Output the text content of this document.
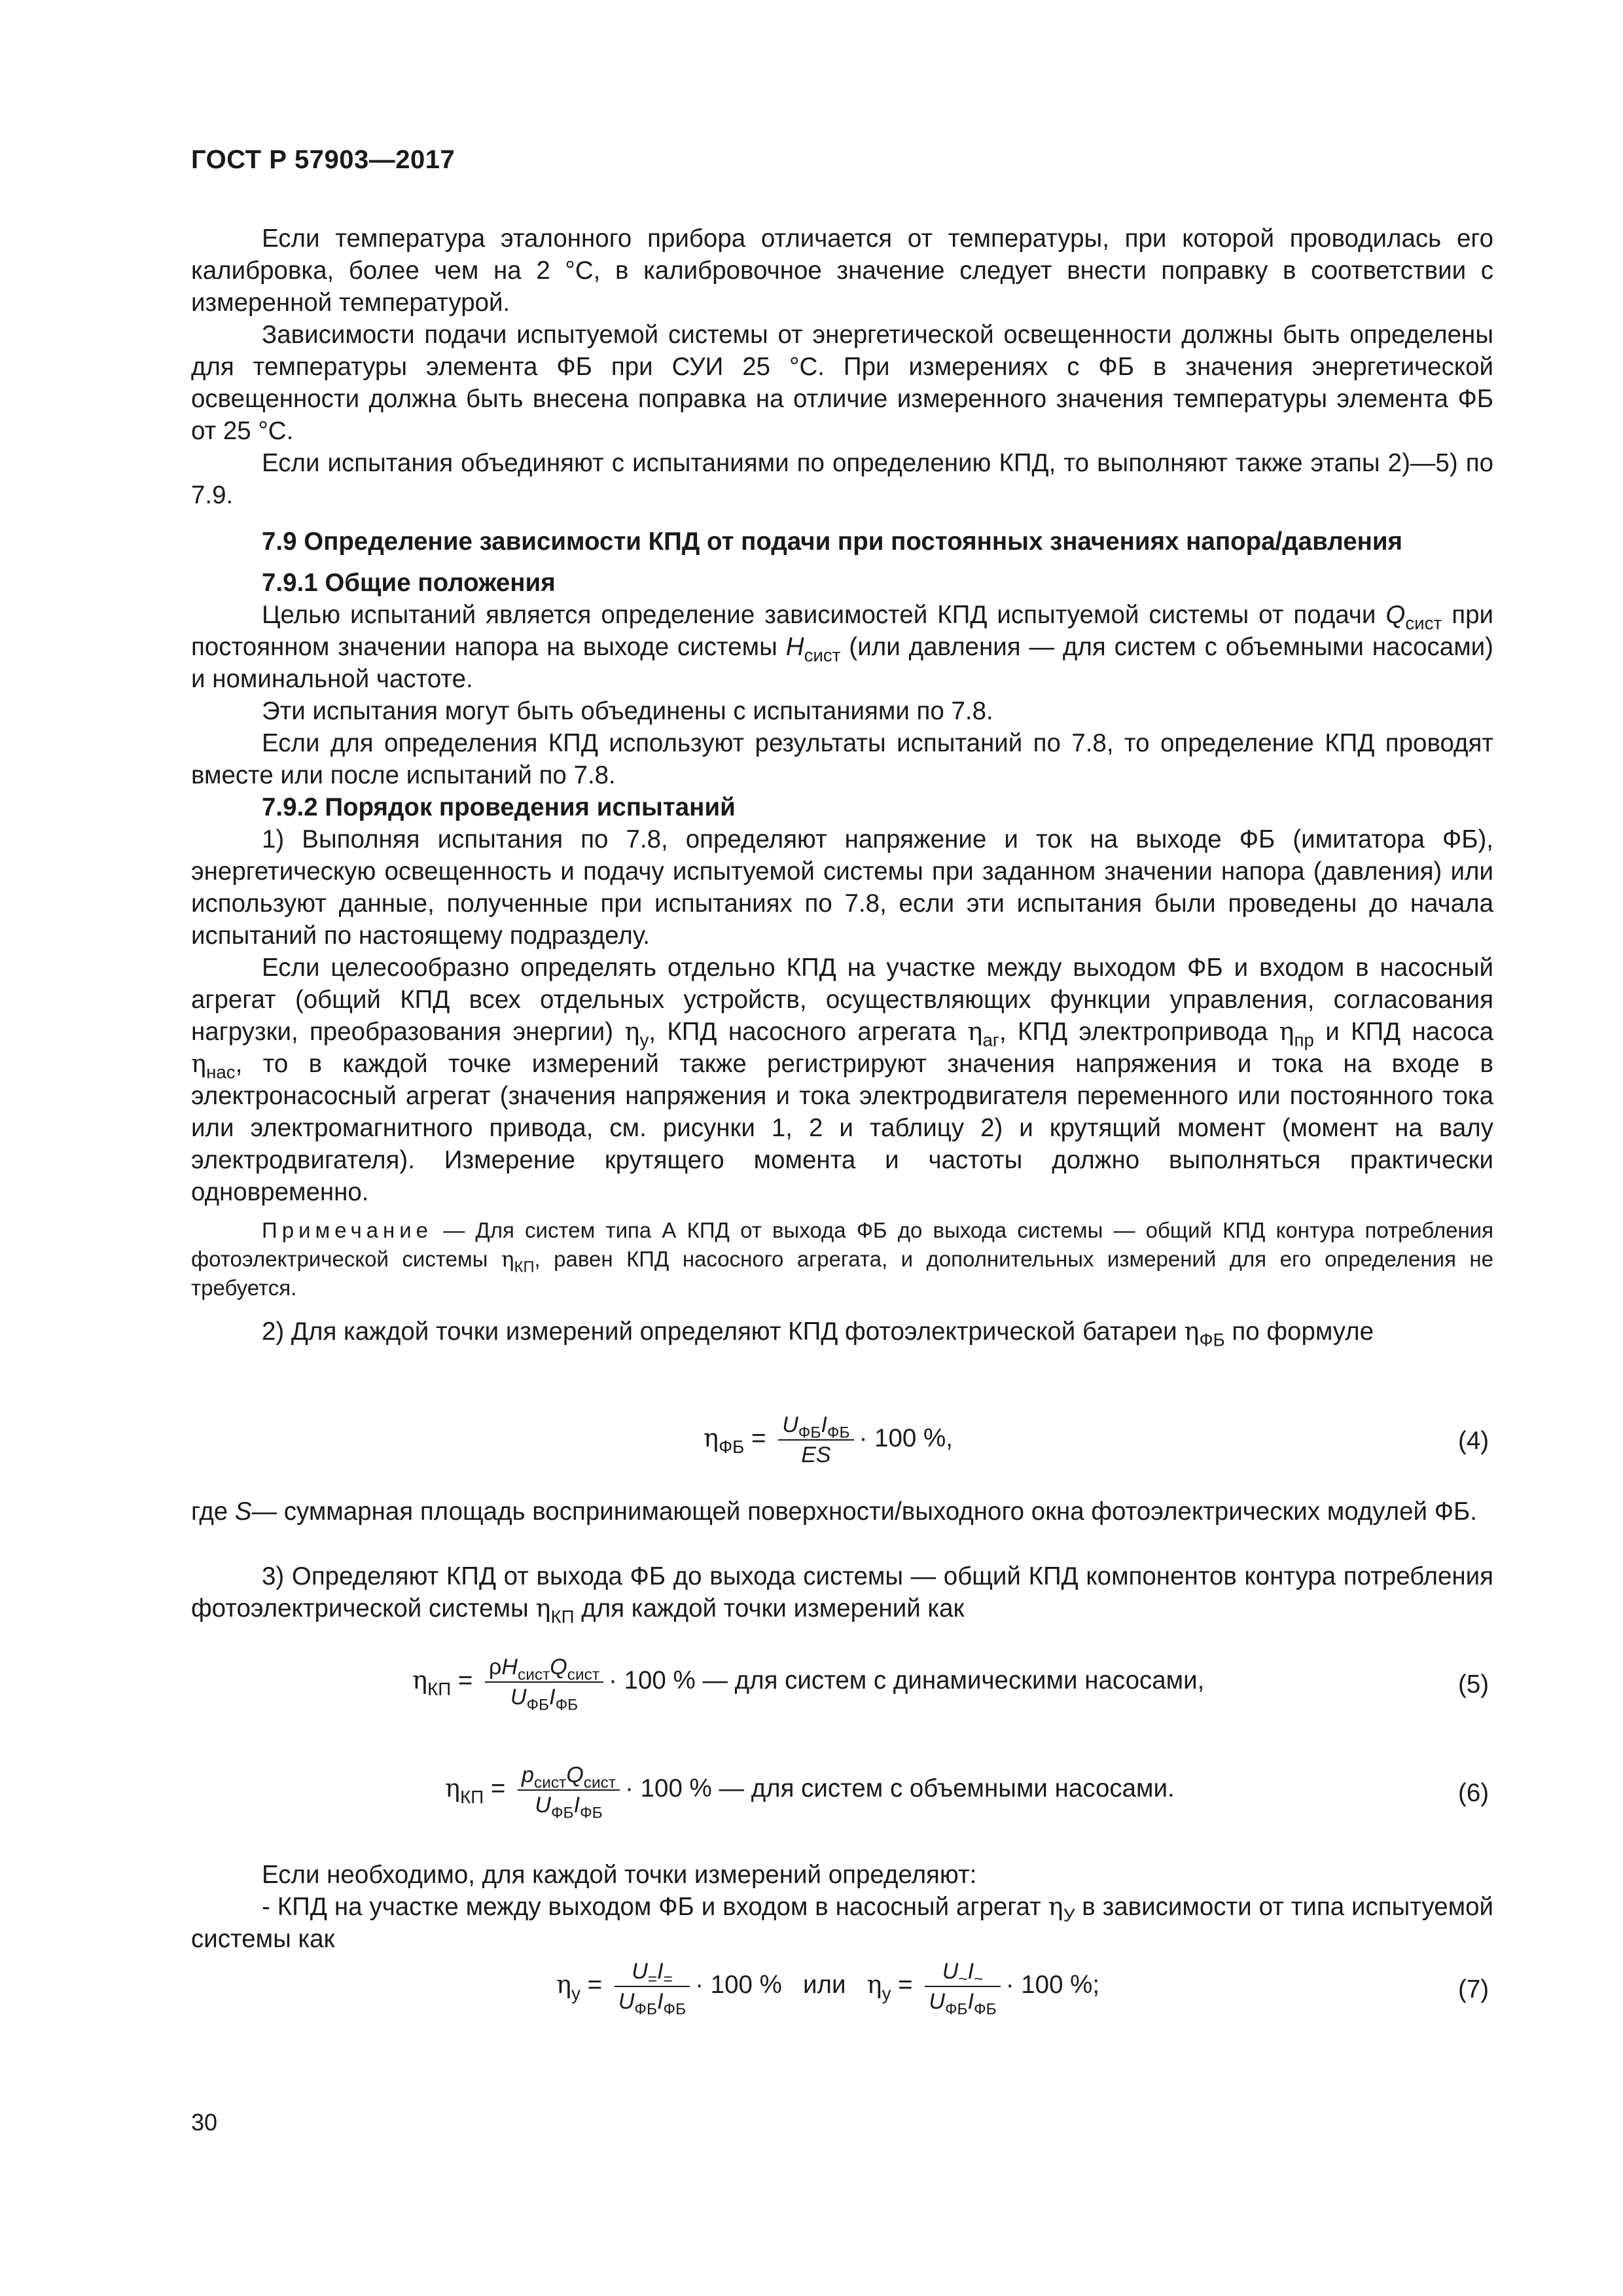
ГОСТ Р 57903—2017

Если температура эталонного прибора отличается от температуры, при которой проводилась его калибровка, более чем на 2 °С, в калибровочное значение следует внести поправку в соответствии с измеренной температурой.

Зависимости подачи испытуемой системы от энергетической освещенности должны быть определены для температуры элемента ФБ при СУИ 25 °С. При измерениях с ФБ в значения энергетической освещенности должна быть внесена поправка на отличие измеренного значения температуры элемента ФБ от 25 °С.

Если испытания объединяют с испытаниями по определению КПД, то выполняют также этапы 2)—5) по 7.9.

7.9 Определение зависимости КПД от подачи при постоянных значениях напора/давления

7.9.1 Общие положения

Целью испытаний является определение зависимостей КПД испытуемой системы от подачи $Q_{сист}$ при постоянном значении напора на выходе системы $H_{сист}$ (или давления — для систем с объемными насосами) и номинальной частоте.

Эти испытания могут быть объединены с испытаниями по 7.8.

Если для определения КПД используют результаты испытаний по 7.8, то определение КПД проводят вместе или после испытаний по 7.8.

7.9.2 Порядок проведения испытаний

1) Выполняя испытания по 7.8, определяют напряжение и ток на выходе ФБ (имитатора ФБ), энергетическую освещенность и подачу испытуемой системы при заданном значении напора (давления) или используют данные, полученные при испытаниях по 7.8, если эти испытания были проведены до начала испытаний по настоящему подразделу.

Если целесообразно определять отдельно КПД на участке между выходом ФБ и входом в насосный агрегат (общий КПД всех отдельных устройств, осуществляющих функции управления, согласования нагрузки, преобразования энергии) $\eta_у$, КПД насосного агрегата $\eta_{аг}$, КПД электропривода $\eta_{пр}$ и КПД насоса $\eta_{нас}$, то в каждой точке измерений также регистрируют значения напряжения и тока на входе в электронасосный агрегат (значения напряжения и тока электродвигателя переменного или постоянного тока или электромагнитного привода, см. рисунки 1, 2 и таблицу 2) и крутящий момент (момент на валу электродвигателя). Измерение крутящего момента и частоты должно выполняться практически одновременно.

Примечание — Для систем типа А КПД от выхода ФБ до выхода системы — общий КПД контура потребления фотоэлектрической системы $\eta_{КП}$, равен КПД насосного агрегата, и дополнительных измерений для его определения не требуется.

2) Для каждой точки измерений определяют КПД фотоэлектрической батареи $\eta_{ФБ}$ по формуле

$\eta_{ФБ} = \frac{U_{ФБ}I_{ФБ}}{ES} \cdot 100$ %,	(4)
где S — суммарная площадь воспринимающей поверхности/выходного окна фотоэлектрических модулей ФБ.

3) Определяют КПД от выхода ФБ до выхода системы — общий КПД компонентов контура потребления фотоэлектрической системы $\eta_{КП}$ для каждой точки измерений как

$\eta_{КП} = \frac{\rho H_{сист}Q_{сист}}{U_{ФБ}I_{ФБ}} \cdot 100$ % — для систем с динамическими насосами,	(5)
$\eta_{КП} = \frac{p_{сист}Q_{сист}}{U_{ФБ}I_{ФБ}} \cdot 100$ % — для систем с объемными насосами.	(6)

Если необходимо, для каждой точки измерений определяют:

- КПД на участке между выходом ФБ и входом в насосный агрегат $\eta_У$ в зависимости от типа испытуемой системы как

$\eta_у = \frac{U_=I_=}{U_{ФБ}I_{ФБ}} \cdot 100$ % или $\eta_у = \frac{U_\sim I_\sim}{U_{ФБ}I_{ФБ}} \cdot 100$ %;	(7)
30
